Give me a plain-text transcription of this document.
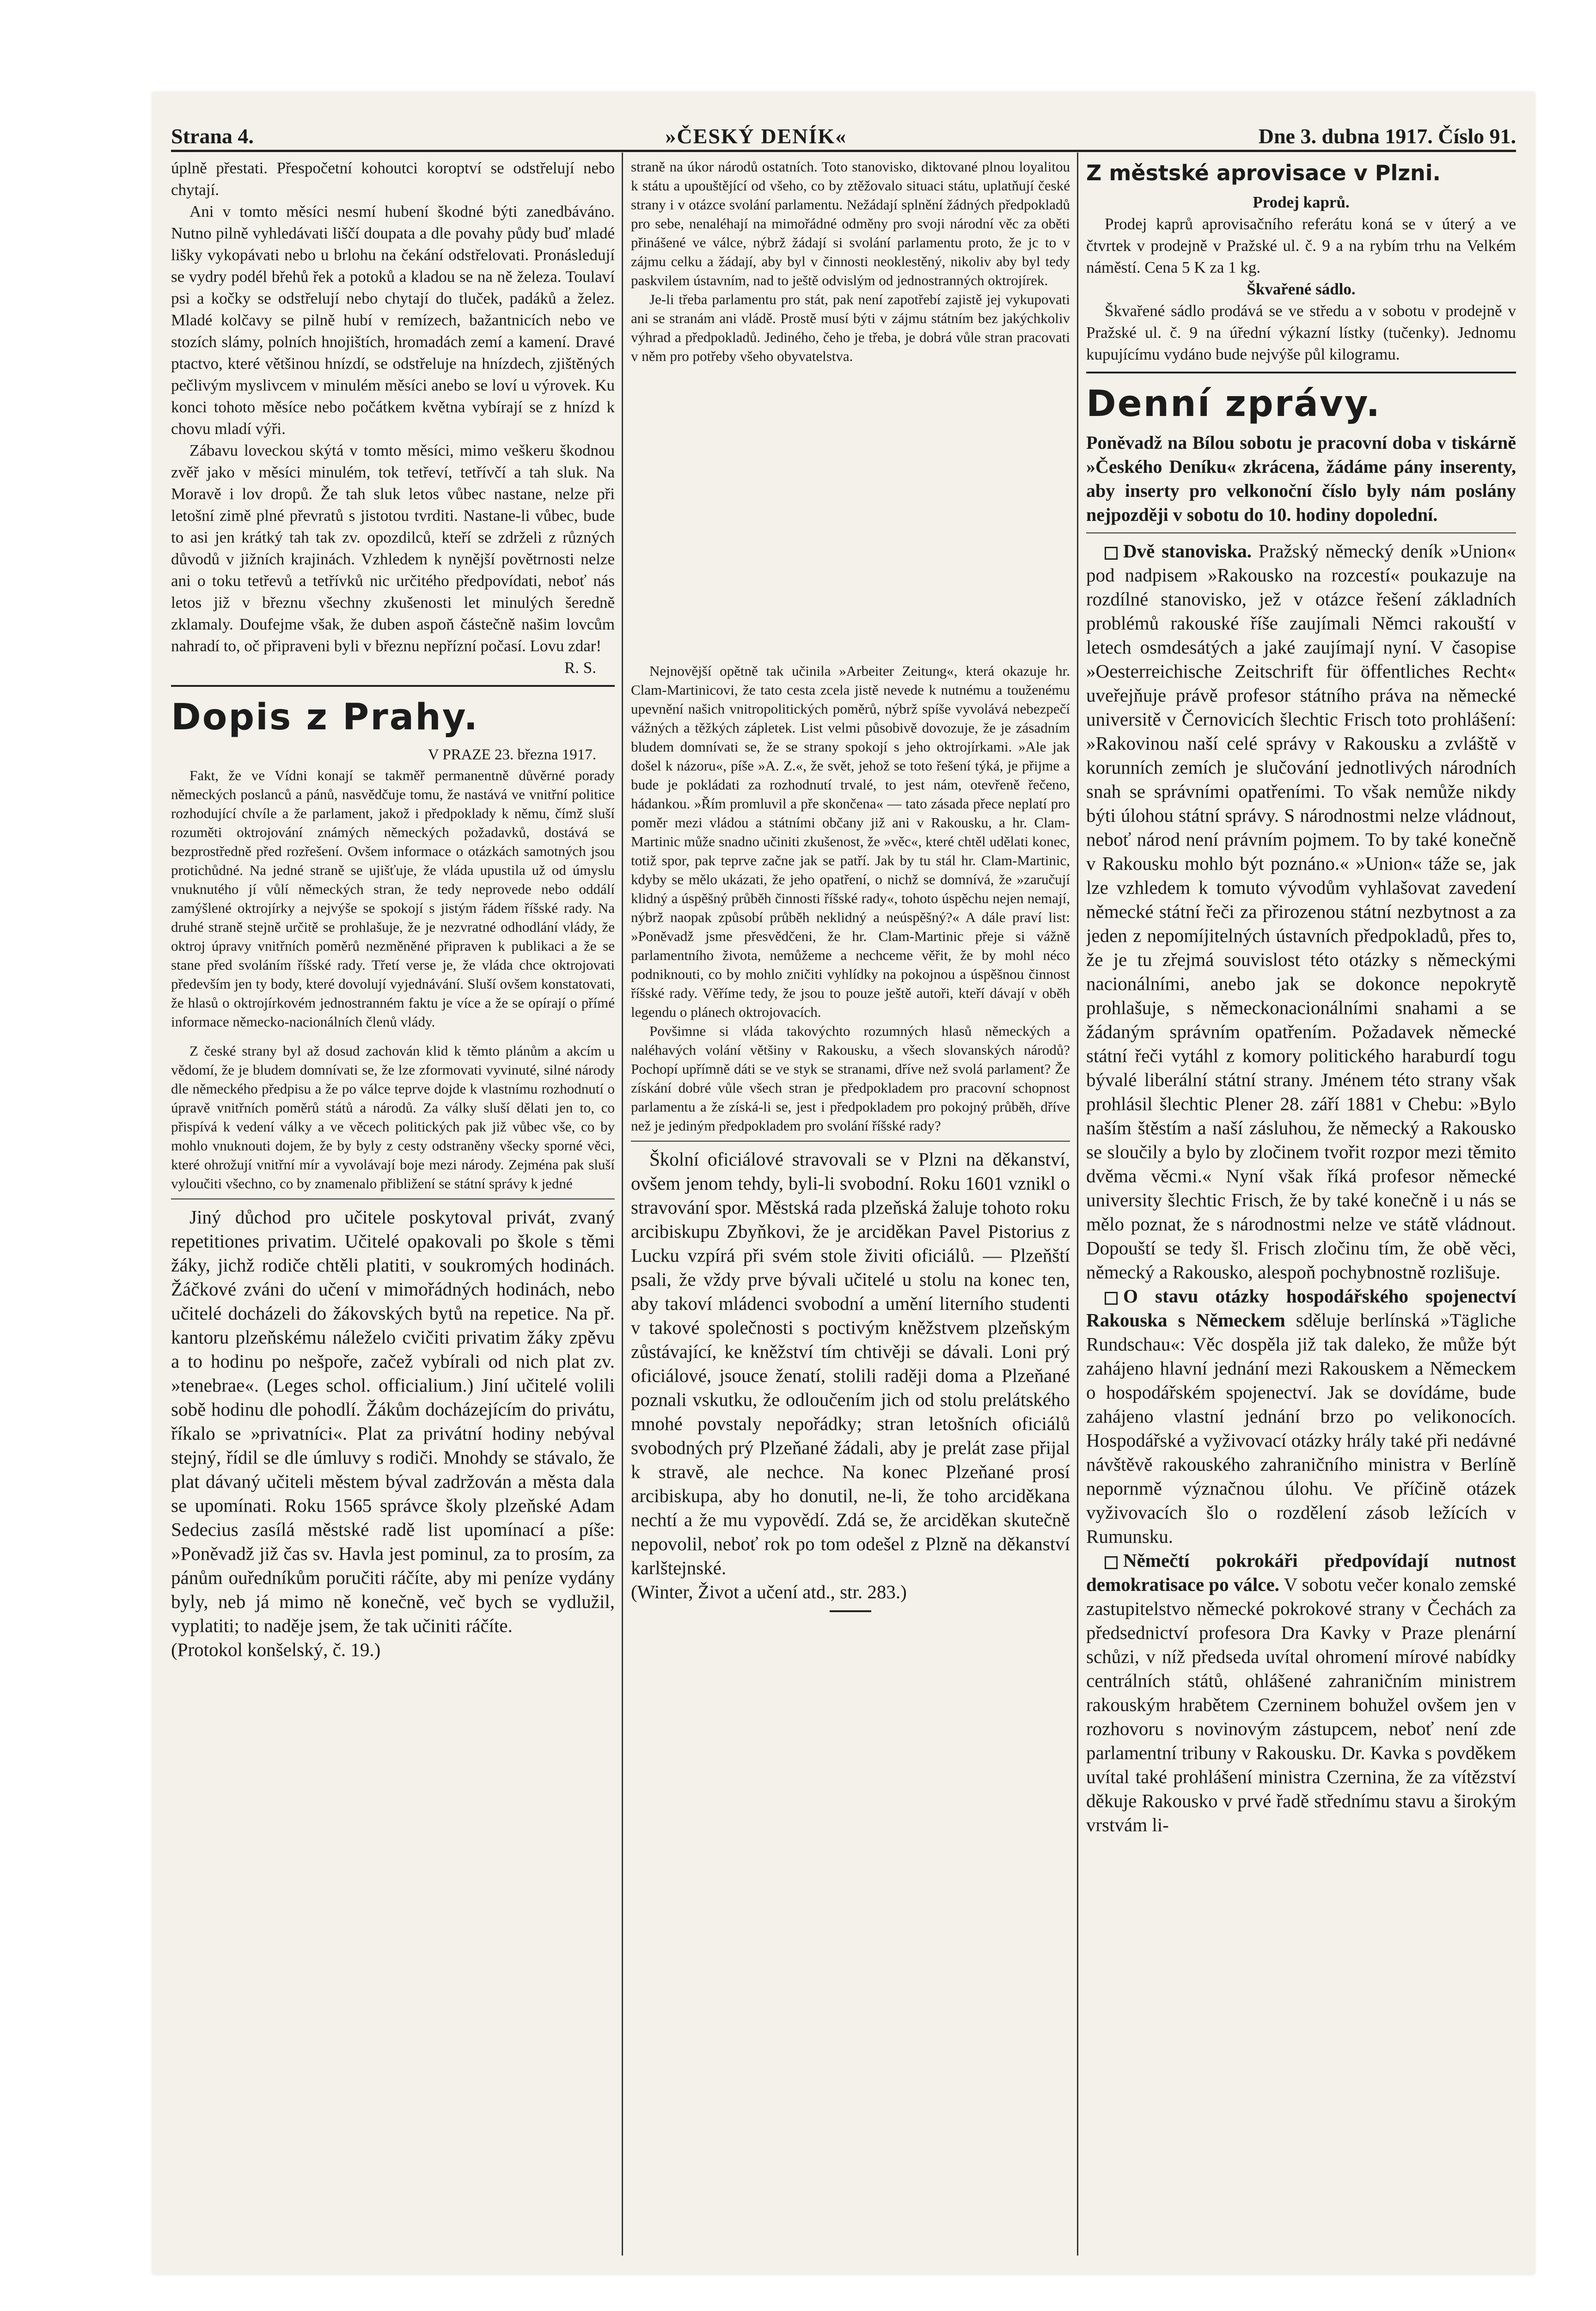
Strana 4.	»ČESKÝ DENÍK«	Dne 3. dubna 1917. Číslo 91.

úplně přestati. Přespočetní kohoutci koroptví se odstřelují nebo chytají.

Ani v tomto měsíci nesmí hubení škodné býti zanedbáváno. Nutno pilně vyhledávati liščí doupata a dle povahy půdy buď mladé lišky vykopávati nebo u brlohu na čekání odstřelovati. Pronásledují se vydry podél břehů řek a potoků a kladou se na ně železa. Toulaví psi a kočky se odstřelují nebo chytají do tluček, padáků a želez. Mladé kolčavy se pilně hubí v remízech, bažantnicích nebo ve stozích slámy, polních hnojištích, hromadách zemí a kamení. Dravé ptactvo, které většinou hnízdí, se odstřeluje na hnízdech, zjištěných pečlivým myslivcem v minulém měsíci anebo se loví u výrovek. Ku konci tohoto měsíce nebo počátkem května vybírají se z hnízd k chovu mladí výři.

Zábavu loveckou skýtá v tomto měsíci, mimo veškeru škodnou zvěř jako v měsíci minulém, tok tetřeví, tetřívčí a tah sluk. Na Moravě i lov dropů. Že tah sluk letos vůbec nastane, nelze při letošní zimě plné převratů s jistotou tvrditi. Nastane-li vůbec, bude to asi jen krátký tah tak zv. opozdilců, kteří se zdrželi z různých důvodů v jižních krajinách. Vzhledem k nynější povětrnosti nelze ani o toku tetřevů a tetřívků nic určitého předpovídati, neboť nás letos již v březnu všechny zkušenosti let minulých šeredně zklamaly. Doufejme však, že duben aspoň částečně našim lovcům nahradí to, oč připraveni byli v březnu nepřízní počasí. Lovu zdar!

R. S.

Dopis z Prahy.

V PRAZE 23. března 1917.

Fakt, že ve Vídni konají se takměř permanentně důvěrné porady německých poslanců a pánů, nasvědčuje tomu, že nastává ve vnitřní politice rozhodující chvíle a že parlament, jakož i předpoklady k němu, čímž sluší rozuměti oktrojování známých německých požadavků, dostává se bezprostředně před rozřešení. Ovšem informace o otázkách samotných jsou protichůdné. Na jedné straně se ujišťuje, že vláda upustila už od úmyslu vnuknutého jí vůlí německých stran, že tedy neprovede nebo oddálí zamýšlené oktrojírky a nejvýše se spokojí s jistým řádem říšské rady. Na druhé straně stejně určitě se prohlašuje, že je nezvratné odhodlání vlády, že oktroj úpravy vnitřních poměrů nezměněné připraven k publikaci a že se stane před svoláním říšské rady. Třetí verse je, že vláda chce oktrojovati především jen ty body, které dovolují vyjednávání. Sluší ovšem konstatovati, že hlasů o oktrojírkovém jednostranném faktu je více a že se opírají o přímé informace německo-nacionálních členů vlády.

Z české strany byl až dosud zachován klid k těmto plánům a akcím u vědomí, že je bludem domnívati se, že lze zformovati vyvinuté, silné národy dle německého předpisu a že po válce teprve dojde k vlastnímu rozhodnutí o úpravě vnitřních poměrů států a národů. Za války sluší dělati jen to, co přispívá k vedení války a ve věcech politických pak již vůbec vše, co by mohlo vnuknouti dojem, že by byly z cesty odstraněny všecky sporné věci, které ohrožují vnitřní mír a vyvolávají boje mezi národy. Zejména pak sluší vyloučiti všechno, co by znamenalo přibližení se státní správy k jedné

Jiný důchod pro učitele poskytoval privát, zvaný repetitiones privatim. Učitelé opakovali po škole s těmi žáky, jichž rodiče chtěli platiti, v soukromých hodinách. Žáčkové zváni do učení v mimořádných hodinách, nebo učitelé docházeli do žákovských bytů na repetice. Na př. kantoru plzeňskému náleželo cvičiti privatim žáky zpěvu a to hodinu po nešpoře, začež vybírali od nich plat zv. »tenebrae«. (Leges schol. officialium.) Jiní učitelé volili sobě hodinu dle pohodlí. Žákům docházejícím do privátu, říkalo se »privatníci«. Plat za privátní hodiny nebýval stejný, řídil se dle úmluvy s rodiči. Mnohdy se stávalo, že plat dávaný učiteli městem býval zadržován a města dala se upomínati. Roku 1565 správce školy plzeňské Adam Sedecius zasílá městské radě list upomínací a píše: »Poněvadž již čas sv. Havla jest pominul, za to prosím, za pánům ouředníkům poručiti ráčíte, aby mi peníze vydány byly, neb já mimo ně konečně, več bych se vydlužil, vyplatiti; to naděje jsem, že tak učiniti ráčíte.

(Protokol konšelský, č. 19.)

straně na úkor národů ostatních. Toto stanovisko, diktované plnou loyalitou k státu a upouštějící od všeho, co by ztěžovalo situaci státu, uplatňují české strany i v otázce svolání parlamentu. Nežádají splnění žádných předpokladů pro sebe, nenaléhají na mimořádné odměny pro svoji národní věc za oběti přinášené ve válce, nýbrž žádají si svolání parlamentu proto, že jc to v zájmu celku a žádají, aby byl v činnosti neoklestěný, nikoliv aby byl tedy paskvilem ústavním, nad to ještě odvislým od jednostranných oktrojírek.

Je-li třeba parlamentu pro stát, pak není zapotřebí zajistě jej vykupovati ani se stranám ani vládě. Prostě musí býti v zájmu státním bez jakýchkoliv výhrad a předpokladů. Jediného, čeho je třeba, je dobrá vůle stran pracovati v něm pro potřeby všeho obyvatelstva.

Nejnovější opětně tak učinila »Arbeiter Zeitung«, která okazuje hr. Clam-Martinicovi, že tato cesta zcela jistě nevede k nutnému a touženému upevnění našich vnitropolitických poměrů, nýbrž spíše vyvolává nebezpečí vážných a těžkých zápletek. List velmi působivě dovozuje, že je zásadním bludem domnívati se, že se strany spokojí s jeho oktrojírkami. »Ale jak došel k názoru«, píše »A. Z.«, že svět, jehož se toto řešení týká, je přijme a bude je pokládati za rozhodnutí trvalé, to jest nám, otevřeně řečeno, hádankou. »Řím promluvil a pře skončena« — tato zásada přece neplatí pro poměr mezi vládou a státními občany již ani v Rakousku, a hr. Clam-Martinic může snadno učiniti zkušenost, že »věc«, které chtěl udělati konec, totiž spor, pak teprve začne jak se patří. Jak by tu stál hr. Clam-Martinic, kdyby se mělo ukázati, že jeho opatření, o nichž se domnívá, že »zaručují klidný a úspěšný průběh činnosti říšské rady«, tohoto úspěchu nejen nemají, nýbrž naopak způsobí průběh neklidný a neúspěšný?« A dále praví list: »Poněvadž jsme přesvědčeni, že hr. Clam-Martinic přeje si vážně parlamentního života, nemůžeme a nechceme věřit, že by mohl néco podniknouti, co by mohlo zničiti vyhlídky na pokojnou a úspěšnou činnost říšské rady. Věříme tedy, že jsou to pouze ještě autoři, kteří dávají v oběh legendu o plánech oktrojovacích.

Povšimne si vláda takovýchto rozumných hlasů německých a naléhavých volání většiny v Rakousku, a všech slovanských národů? Pochopí upřímně dáti se ve styk se stranami, dříve než svolá parlament? Že získání dobré vůle všech stran je předpokladem pro pracovní schopnost parlamentu a že získá-li se, jest i předpokladem pro pokojný průběh, dříve než je jediným předpokladem pro svolání říšské rady?

Školní oficiálové stravovali se v Plzni na děkanství, ovšem jenom tehdy, byli-li svobodní. Roku 1601 vznikl o stravování spor. Městská rada plzeňská žaluje tohoto roku arcibiskupu Zbyňkovi, že je arciděkan Pavel Pistorius z Lucku vzpírá při svém stole živiti oficiálů. — Plzeňští psali, že vždy prve bývali učitelé u stolu na konec ten, aby takoví mládenci svobodní a umění literního studenti v takové společnosti s poctivým kněžstvem plzeňským zůstávající, ke kněžství tím chtivěji se dávali. Loni prý oficiálové, jsouce ženatí, stolili raději doma a Plzeňané poznali vskutku, že odloučením jich od stolu prelátského mnohé povstaly nepořádky; stran letošních oficiálů svobodných prý Plzeňané žádali, aby je prelát zase přijal k stravě, ale nechce. Na konec Plzeňané prosí arcibiskupa, aby ho donutil, ne-li, že toho arciděkana nechtí a že mu vypovědí. Zdá se, že arciděkan skutečně nepovolil, neboť rok po tom odešel z Plzně na děkanství karlštejnské.

(Winter, Život a učení atd., str. 283.)

Z městské aprovisace v Plzni.

Prodej kaprů.

Prodej kaprů aprovisačního referátu koná se v úterý a ve čtvrtek v prodejně v Pražské ul. č. 9 a na rybím trhu na Velkém náměstí. Cena 5 K za 1 kg.

Škvařené sádlo.

Škvařené sádlo prodává se ve středu a v sobotu v prodejně v Pražské ul. č. 9 na úřední výkazní lístky (tučenky). Jednomu kupujícímu vydáno bude nejvýše půl kilogramu.

Denní zprávy.

Poněvadž na Bílou sobotu je pracovní doba v tiskárně »Českého Deníku« zkrácena, žádáme pány inserenty, aby inserty pro velkonoční číslo byly nám poslány nejpozději v sobotu do 10. hodiny dopolední.

Dvě stanoviska. Pražský německý deník »Union« pod nadpisem »Rakousko na rozcestí« poukazuje na rozdílné stanovisko, jež v otázce řešení základních problémů rakouské říše zaujímali Němci rakouští v letech osmdesátých a jaké zaujímají nyní. V časopise »Oesterreichische Zeitschrift für öffentliches Recht« uveřejňuje právě profesor státního práva na německé universitě v Černovicích šlechtic Frisch toto prohlášení: »Rakovinou naší celé správy v Rakousku a zvláště v korunních zemích je slučování jednotlivých národních snah se správními opatřeními. To však nemůže nikdy býti úlohou státní správy. S národnostmi nelze vládnout, neboť národ není právním pojmem. To by také konečně v Rakousku mohlo být poznáno.« »Union« táže se, jak lze vzhledem k tomuto vývodům vyhlašovat zavedení německé státní řeči za přirozenou státní nezbytnost a za jeden z nepomíjitelných ústavních předpokladů, přes to, že je tu zřejmá souvislost této otázky s německými nacionálními, anebo jak se dokonce nepokrytě prohlašuje, s německonacionálními snahami a se žádaným správním opatřením. Požadavek německé státní řeči vytáhl z komory politického haraburdí togu bývalé liberální státní strany. Jménem této strany však prohlásil šlechtic Plener 28. září 1881 v Chebu: »Bylo naším štěstím a naší zásluhou, že německý a Rakousko se sloučily a bylo by zločinem tvořit rozpor mezi těmito dvěma věcmi.« Nyní však říká profesor německé university šlechtic Frisch, že by také konečně i u nás se mělo poznat, že s národnostmi nelze ve státě vládnout. Dopouští se tedy šl. Frisch zločinu tím, že obě věci, německý a Rakousko, alespoň pochybnostně rozlišuje.

O stavu otázky hospodářského spojenectví Rakouska s Německem sděluje berlínská »Tägliche Rundschau«: Věc dospěla již tak daleko, že může být zahájeno hlavní jednání mezi Rakouskem a Německem o hospodářském spojenectví. Jak se dovídáme, bude zahájeno vlastní jednání brzo po velikonocích. Hospodářské a vyživovací otázky hrály také při nedávné návštěvě rakouského zahraničního ministra v Berlíně nepornmě význačnou úlohu. Ve příčině otázek vyživovacích šlo o rozdělení zásob ležících v Rumunsku.

Němečtí pokrokáři předpovídají nutnost demokratisace po válce. V sobotu večer konalo zemské zastupitelstvo německé pokrokové strany v Čechách za předsednictví profesora Dra Kavky v Praze plenární schůzi, v níž předseda uvítal ohromení mírové nabídky centrálních států, ohlášené zahraničním ministrem rakouským hrabětem Czerninem bohužel ovšem jen v rozhovoru s novinovým zástupcem, neboť není zde parlamentní tribuny v Rakousku. Dr. Kavka s povděkem uvítal také prohlášení ministra Czernina, že za vítězství děkuje Rakousko v prvé řadě střednímu stavu a širokým vrstvám li-
